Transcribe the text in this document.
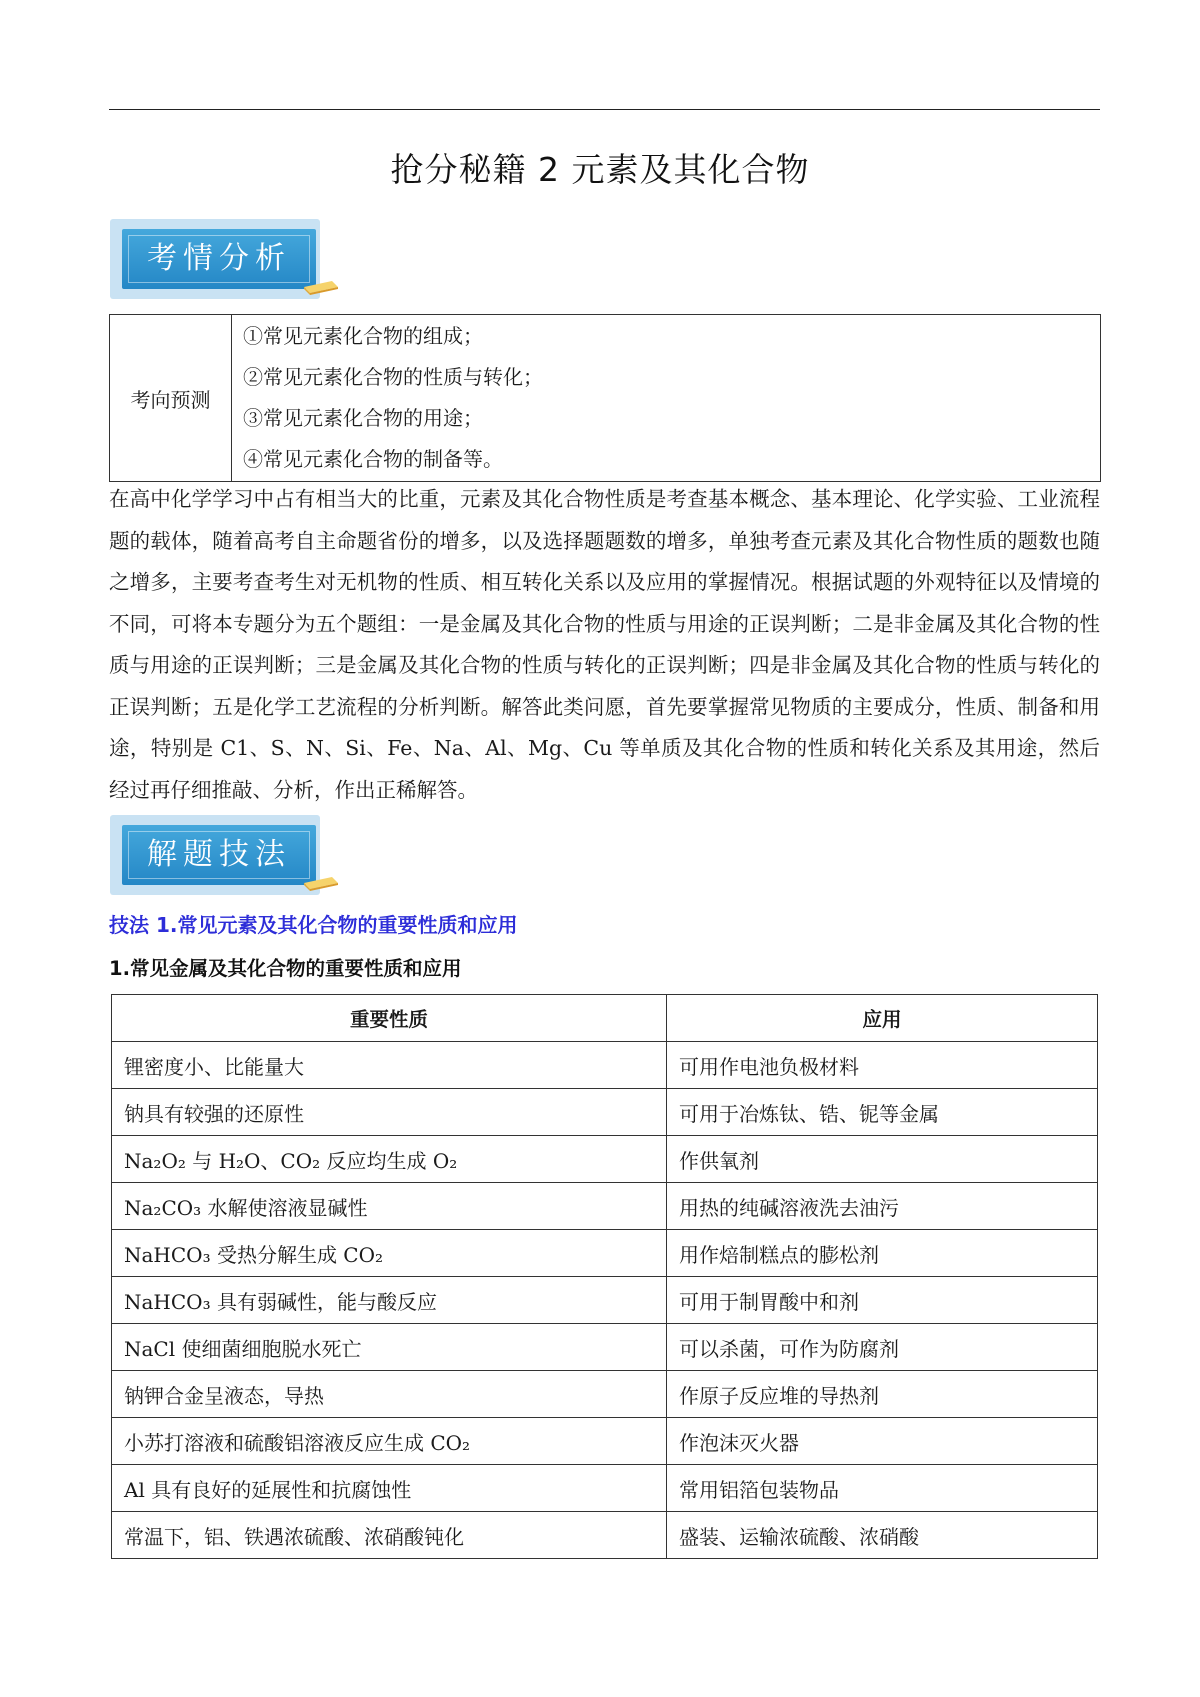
抢分秘籍 2 元素及其化合物
考情分析
考向预测	
①常见元素化合物的组成；
②常见元素化合物的性质与转化；
③常见元素化合物的用途；
④常见元素化合物的制备等。
在高中化学学习中占有相当大的比重，元素及其化合物性质是考查基本概念、基本理论、化学实验、工业流程题的载体，随着高考自主命题省份的增多，以及选择题题数的增多，单独考查元素及其化合物性质的题数也随之增多，主要考查考生对无机物的性质、相互转化关系以及应用的掌握情况。根据试题的外观特征以及情境的不同，可将本专题分为五个题组：一是金属及其化合物的性质与用途的正误判断；二是非金属及其化合物的性质与用途的正误判断；三是金属及其化合物的性质与转化的正误判断；四是非金属及其化合物的性质与转化的正误判断；五是化学工艺流程的分析判断。解答此类问愿，首先要掌握常见物质的主要成分，性质、制备和用途，特别是 C1、S、N、Si、Fe、Na、Al、Mg、Cu 等单质及其化合物的性质和转化关系及其用途，然后经过再仔细推敲、分析，作出正稀解答。
解题技法
技法 1.常见元素及其化合物的重要性质和应用
1.常见金属及其化合物的重要性质和应用
重要性质	应用
锂密度小、比能量大	可用作电池负极材料
钠具有较强的还原性	可用于冶炼钛、锆、铌等金属
Na₂O₂ 与 H₂O、CO₂ 反应均生成 O₂	作供氧剂
Na₂CO₃ 水解使溶液显碱性	用热的纯碱溶液洗去油污
NaHCO₃ 受热分解生成 CO₂	用作焙制糕点的膨松剂
NaHCO₃ 具有弱碱性，能与酸反应	可用于制胃酸中和剂
NaCl 使细菌细胞脱水死亡	可以杀菌，可作为防腐剂
钠钾合金呈液态，导热	作原子反应堆的导热剂
小苏打溶液和硫酸铝溶液反应生成 CO₂	作泡沫灭火器
Al 具有良好的延展性和抗腐蚀性	常用铝箔包装物品
常温下，铝、铁遇浓硫酸、浓硝酸钝化	盛装、运输浓硫酸、浓硝酸
